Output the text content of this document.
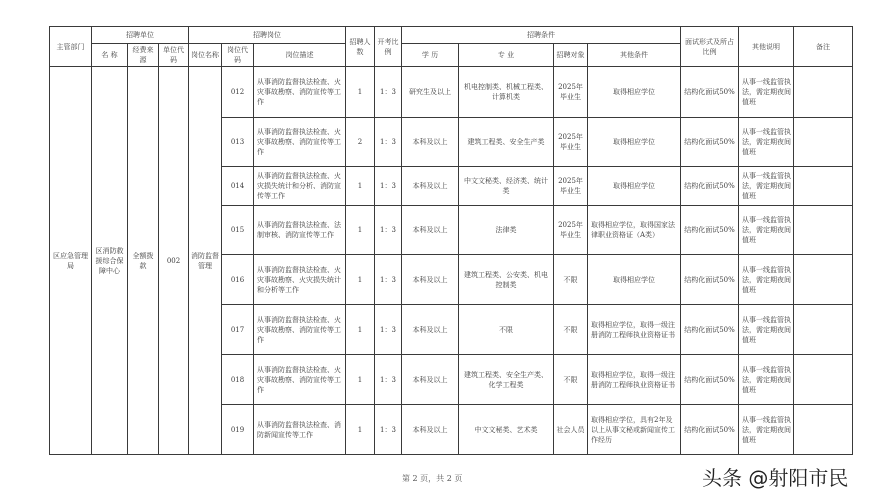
主管部门	招聘单位			招聘岗位			招聘人数	开考比例	招聘条件				面试形式及所占比例	其他说明	备注
	名 称	经费来源	单位代码	岗位名称	岗位代码	岗位描述			学 历	专 业	招聘对象	其他条件			
区应急管理局	区消防救援综合保障中心	全额拨款	002	消防监督管理	012	从事消防监督执法检查、火灾事故勘察、消防宣传等工作	1	1：3	研究生及以上	机电控制类、机械工程类、计算机类	2025年毕业生	取得相应学位	结构化面试50%	从事一线监管执法，需定期夜间值班	
					013	从事消防监督执法检查、火灾事故勘察、消防宣传等工作	2	1：3	本科及以上	建筑工程类、安全生产类	2025年毕业生	取得相应学位	结构化面试50%	从事一线监管执法，需定期夜间值班	
					014	从事消防监督执法检查、火灾损失统计和分析、消防宣传等工作	1	1：3	本科及以上	中文文秘类、经济类、统计类	2025年毕业生	取得相应学位	结构化面试50%	从事一线监管执法，需定期夜间值班	
					015	从事消防监督执法检查、法制审核、消防宣传等工作	1	1：3	本科及以上	法律类	2025年毕业生	取得相应学位，取得国家法律职业资格证（A类）	结构化面试50%	从事一线监管执法，需定期夜间值班	
					016	从事消防监督执法检查、火灾事故勘察、火灾损失统计和分析等工作	1	1：3	本科及以上	建筑工程类、公安类、机电控制类	不限	取得相应学位	结构化面试50%	从事一线监管执法，需定期夜间值班	
					017	从事消防监督执法检查、火灾事故勘察、消防宣传等工作	1	1：3	本科及以上	不限	不限	取得相应学位，取得一级注册消防工程师执业资格证书	结构化面试50%	从事一线监管执法，需定期夜间值班	
					018	从事消防监督执法检查、火灾事故勘察、消防宣传等工作	1	1：3	本科及以上	建筑工程类、安全生产类、化学工程类	不限	取得相应学位，取得一级注册消防工程师执业资格证书	结构化面试50%	从事一线监管执法，需定期夜间值班	
					019	从事消防监督执法检查、消防新闻宣传等工作	1	1：3	本科及以上	中文文秘类、艺术类	社会人员	取得相应学位，具有2年及以上从事文秘或新闻宣传工作经历	结构化面试50%	从事一线监管执法，需定期夜间值班	
第 2 页，共 2 页	头条 @射阳市民
